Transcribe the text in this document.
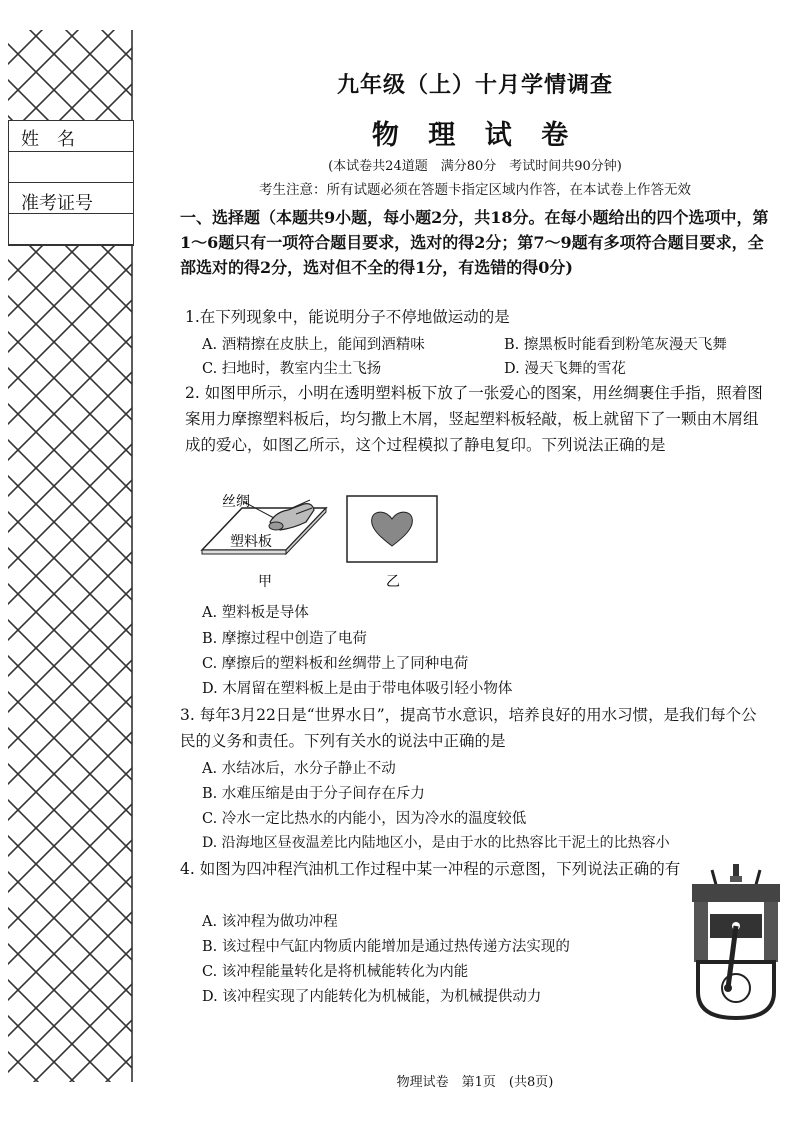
姓　名
准考证号
九年级（上）十月学情调查
物 理 试 卷
(本试卷共24道题　满分80分　考试时间共90分钟)
考生注意：所有试题必须在答题卡指定区域内作答，在本试卷上作答无效
一、选择题（本题共9小题，每小题2分，共18分。在每小题给出的四个选项中，第1～6题只有一项符合题目要求，选对的得2分；第7～9题有多项符合题目要求，全部选对的得2分，选对但不全的得1分，有选错的得0分)
1.在下列现象中，能说明分子不停地做运动的是
A. 酒精擦在皮肤上，能闻到酒精味	B. 擦黑板时能看到粉笔灰漫天飞舞
C. 扫地时，教室内尘土飞扬	D. 漫天飞舞的雪花
2. 如图甲所示，小明在透明塑料板下放了一张爱心的图案，用丝绸裹住手指，照着图案用力摩擦塑料板后，均匀撒上木屑，竖起塑料板轻敲，板上就留下了一颗由木屑组成的爱心，如图乙所示，这个过程模拟了静电复印。下列说法正确的是
丝绸
塑料板
甲	乙
A. 塑料板是导体
B. 摩擦过程中创造了电荷
C. 摩擦后的塑料板和丝绸带上了同种电荷
D. 木屑留在塑料板上是由于带电体吸引轻小物体
3. 每年3月22日是“世界水日”，提高节水意识，培养良好的用水习惯，是我们每个公民的义务和责任。下列有关水的说法中正确的是
A. 水结冰后，水分子静止不动
B. 水难压缩是由于分子间存在斥力
C. 冷水一定比热水的内能小，因为冷水的温度较低
D. 沿海地区昼夜温差比内陆地区小，是由于水的比热容比干泥土的比热容小
4. 如图为四冲程汽油机工作过程中某一冲程的示意图，下列说法正确的有
A. 该冲程为做功冲程
B. 该过程中气缸内物质内能增加是通过热传递方法实现的
C. 该冲程能量转化是将机械能转化为内能
D. 该冲程实现了内能转化为机械能，为机械提供动力
物理试卷　第1页　(共8页)
